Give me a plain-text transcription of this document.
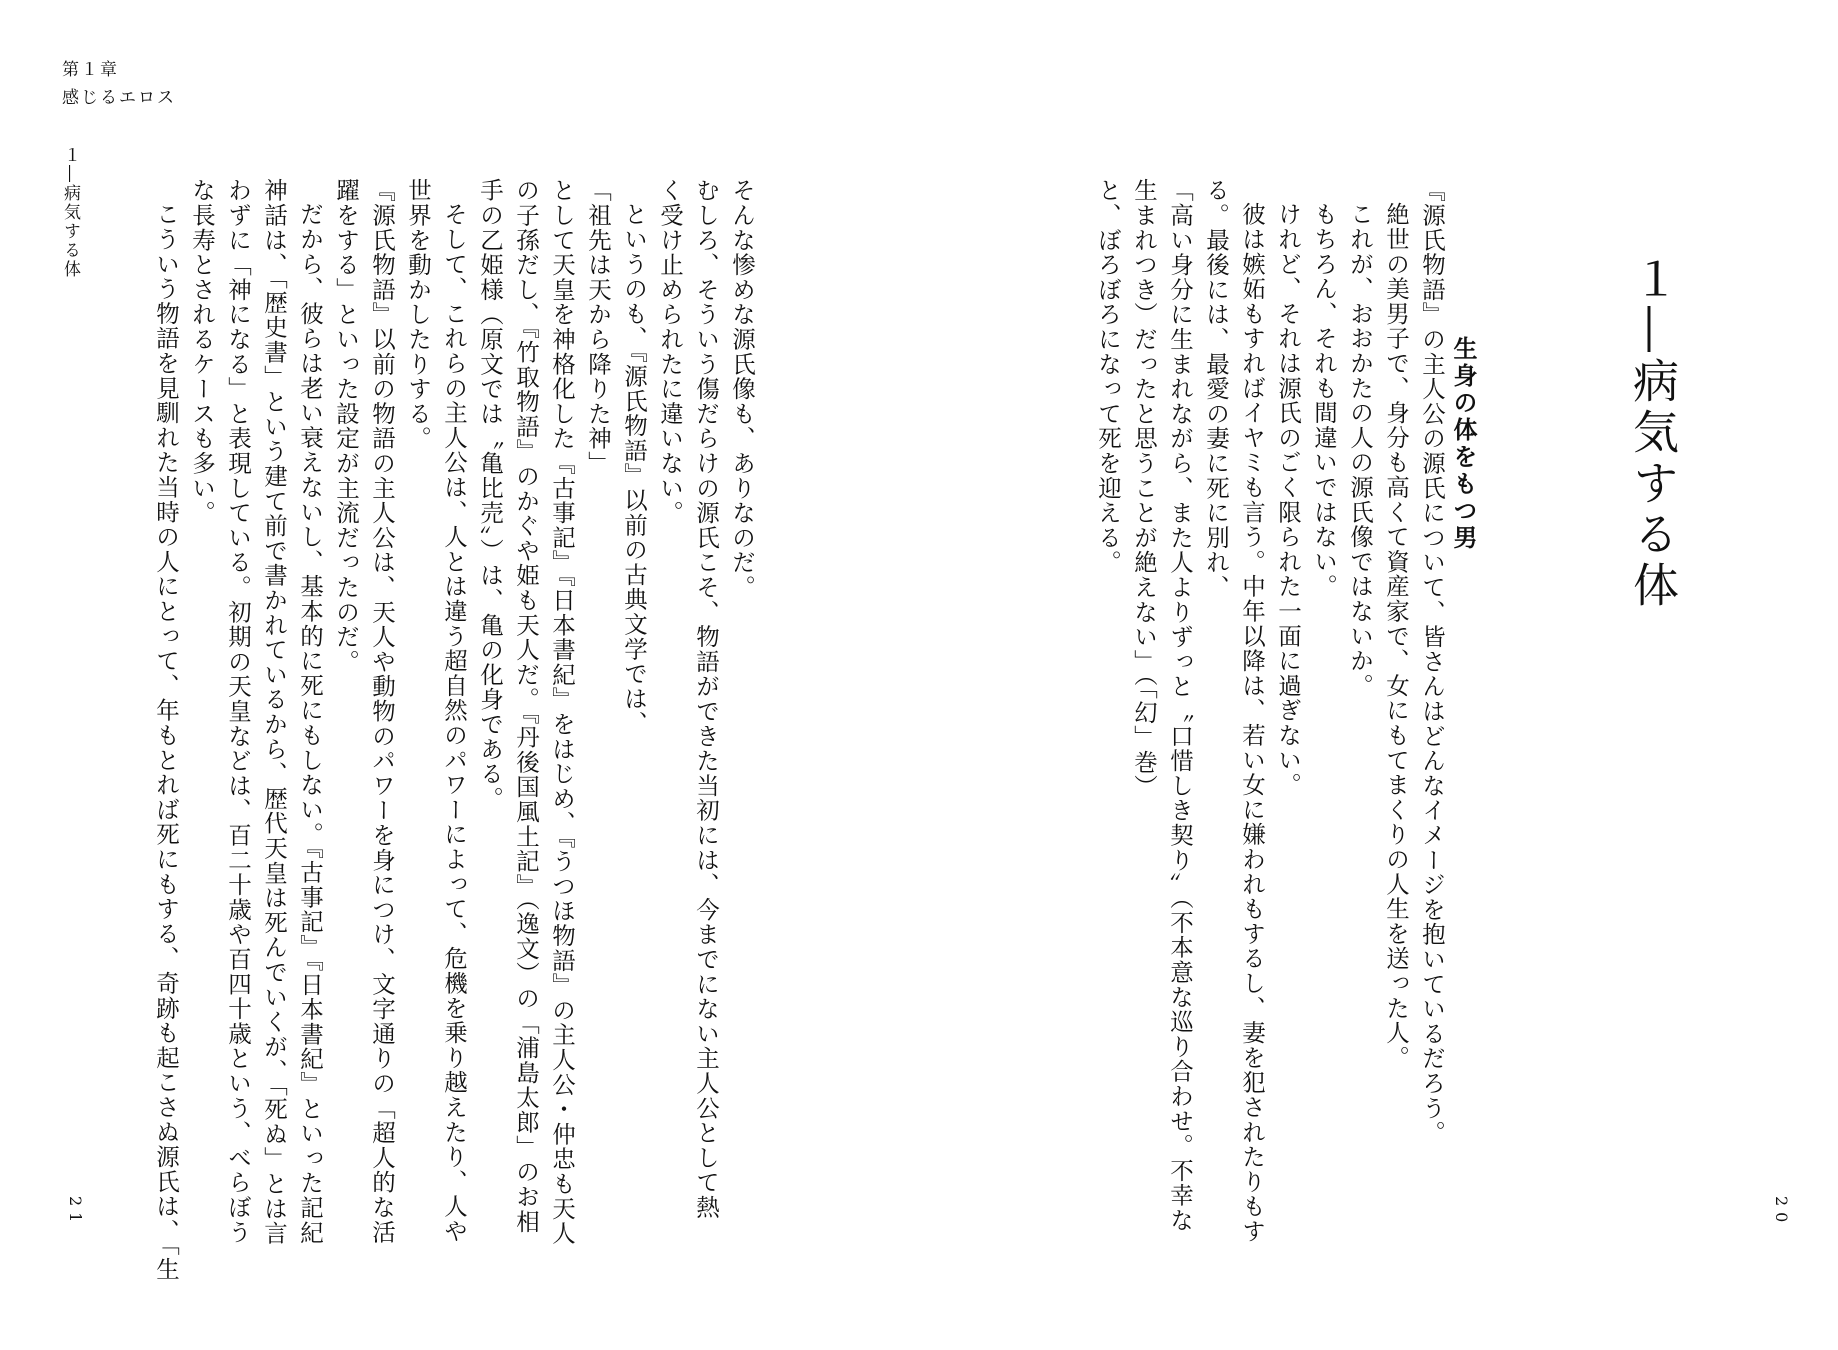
第１章
感じるエロス
１―病気する体	そんな惨めな源氏像も、ありなのだ。

むしろ、そういう傷だらけの源氏こそ、物語ができた当初には、今までにない主人公として熱

く受け止められたに違いない。

というのも、『源氏物語』以前の古典文学では、

「祖先は天から降りた神」

として天皇を神格化した『古事記』『日本書紀』をはじめ、『うつほ物語』の主人公・仲忠も天人

の子孫だし、『竹取物語』のかぐや姫も天人だ。『丹後国風土記』（逸文）の「浦島太郎」のお相

手の乙姫様（原文では〝亀比売〟）は、亀の化身である。

そして、これらの主人公は、人とは違う超自然のパワーによって、危機を乗り越えたり、人や

世界を動かしたりする。

『源氏物語』以前の物語の主人公は、天人や動物のパワーを身につけ、文字通りの「超人的な活

躍をする」といった設定が主流だったのだ。

だから、彼らは老い衰えないし、基本的に死にもしない。『古事記』『日本書紀』といった記紀

神話は、「歴史書」という建て前で書かれているから、歴代天皇は死んでいくが、「死ぬ」とは言

わずに「神になる」と表現している。初期の天皇などは、百二十歳や百四十歳という、べらぼう

な長寿とされるケースも多い。

こういう物語を見馴れた当時の人にとって、年もとれば死にもする、奇跡も起こさぬ源氏は、「生	『源氏物語』の主人公の源氏について、皆さんはどんなイメージを抱いているだろう。

絶世の美男子で、身分も高くて資産家で、女にもてまくりの人生を送った人。

これが、おおかたの人の源氏像ではないか。

もちろん、それも間違いではない。

けれど、それは源氏のごく限られた一面に過ぎない。

彼は嫉妬もすればイヤミも言う。中年以降は、若い女に嫌われもするし、妻を犯されたりもす

る。最後には、最愛の妻に死に別れ、

「高い身分に生まれながら、また人よりずっと〝口惜しき契り〟（不本意な巡り合わせ。不幸な

生まれつき）だったと思うことが絶えない」（「幻」巻）

と、ぼろぼろになって死を迎える。	生身の体をもつ男	１―病気する体
21	20
